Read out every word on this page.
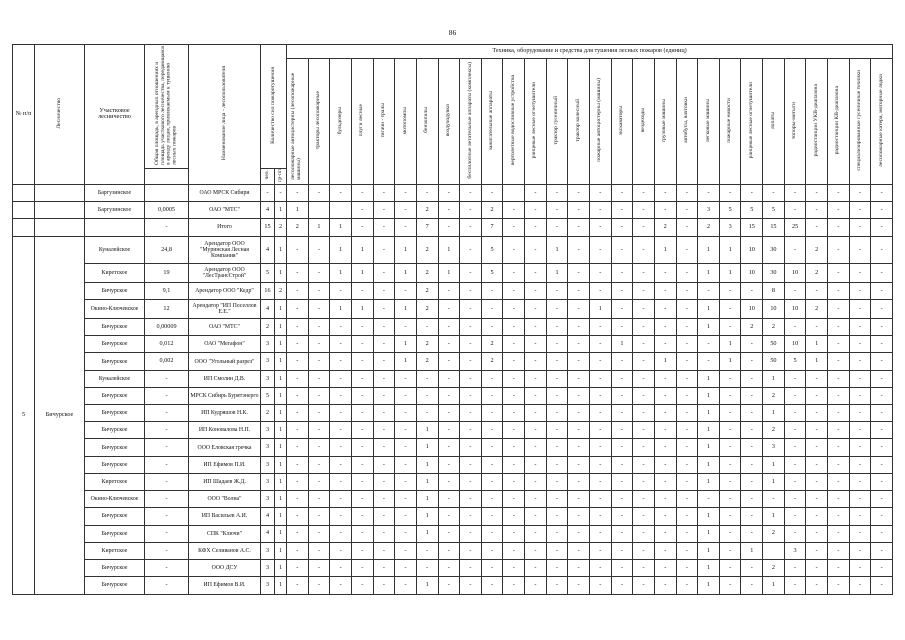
86
№ п/п	Лесничество	Участковое лесничество	Общая площадь, в арендных отношениях и площадь участкового лесничества, передающаяся в аренду лицам, привлекаемым к тушению лесных пожаров	Наименование лица - лесопользователя	Количество сил пожаротушения		Техника, оборудование и средства для тушения лесных пожаров (единиц)																											
							лесопожарные автоцистерны (лесопожарные машины)	тракторы лесопожарные	бульдозеры	плуги лесные	тягачи - тралы	мотопомпы	бензопилы	воздуходувки	беспилотные летательные аппараты (комплексы)	зажигательные аппараты	вертолетные водосливные устройства	ранцевые лесные огнетушители	трактор гусеничный	трактор колесный	пожарные автоцистерны (машины)	экскаваторы	вездеходы	грузовые машины	автобусы, вахтовки	легковые машины	пожарные емкости	ранцевые лесные огнетушители	лопаты	топоры-мотыги	радиостанции УКВ-диапазона	радиостанции КВ-диапазона	специализированные гусеничные техники	лесопожарные катера, моторные лодки
					чел.	гр-пп																												
		Баргузинское		ОАО МРСК Сибири	-	-	-	-	-	-	-	-	-	-	-	-		-	-	-	-	-	-	-	-	-	-	-	-	-	-	-	-	-
		Баргузинское	0,0005	ОАО "МТС"	4	1	1			-	-	-	2	-	-	2	-	-	-	-	-	-	-	-	-	3	5	5	5	-	-	-	-	-
			-	Итого	15	2	2	1	1	-	-	-	7	-	-	7	-	-	-	-	-	-	-	2	-	2	3	15	15	25	-	-	-	-
5	Бичурское	Куналейское	24,8	Арендатор ООО "Муринская Лесная Компания"	4	1	-	-	1	1	-	1	2	1	-	5	-	-	1	-	-	-	-	1	-	1	1	10	30	-	2	-	-	-
		Киретское	19	Арендатор ООО "ЛесТрансСтрой"	5	1	-	-	1	1	-	1	2	1	-	5	-	-	1	-	-	-	-	-	-	1	1	10	30	10	2	-	-	-
		Бичурское	9,1	Арендатор ООО "Кедр"	16	2	-	-	-	-	-	-	2	-	-	-	-	-	-	-	-	-	-	-	-	-	-	-	8	-	-	-	-	-
		Окино-Ключевское	12	Арендатор "ИП Поселлов Е.Е."	4	1	-	-	1	1	-	1	2	-	-	-	-	-	-	-	1	-	-	-	-	1	-	10	10	10	2	-	-	-
		Бичурское	0,00009	ОАО "МТС"	2	1	-	-	-	-	-	-	-	-	-	-	-	-	-	-	-	-	-	-	-	1	-	2	2	-	-	-	-	-
		Бичурское	0,012	ОАО "Мегафон"	3	1	-	-	-	-	-	1	2	-	-	2	-	-	-	-	-	1	-	-	-	-	1	-	50	10	1	-	-	-
		Бичурское	0,002	ООО "Угольный разрез"	3	1	-	-	-	-	-	1	2	-	-	2	-	-	-	-	-	-	-	1	-	-	1	-	50	5	1	-	-	-
		Куналейское	-	ИП Смолин Д.В.	3	1	-	-	-	-	-	-	-	-	-	-	-	-	-	-	-	-	-	-	-	1	-	-	1	-	-	-	-	-
		Бичурское	-	МРСК Сибирь Бурятэнерго	5	1	-	-	-	-	-	-	-	-	-	-	-	-	-	-	-	-	-	-	-	1	-	-	2	-	-	-	-	-
		Бичурское	-	ИП Кудряшов Н.К.	2	1	-	-	-	-	-	-	-	-	-	-	-	-	-	-	-	-	-	-	-	1	-	-	1	-	-	-	-	-
		Бичурское	-	ИП Коновалова Н.П.	3	1	-	-	-	-	-	-	1	-	-	-	-	-	-	-	-	-	-	-	-	1	-	-	2	-	-	-	-	-
		Бичурское	-	ООО Еловская гречка	3	1	-	-	-	-	-	-	1	-	-	-	-	-	-	-	-	-	-	-	-	1	-	-	3	-	-	-	-	-
		Бичурское	-	ИП Ефимов П.И.	3	1	-	-	-	-	-	-	1	-	-	-	-	-	-	-	-	-	-	-	-	1	-	-	1	-	-	-	-	-
		Киретское	-	ИП Шадаев Ж.Д.	3	1	-	-	-	-	-	-	1	-	-	-	-	-	-	-	-	-	-	-	-	1	-	-	1	-	-	-	-	-
		Окино-Ключевское	-	ООО "Волна"	3	1	-	-	-	-	-	-	1	-	-	-	-	-	-	-	-	-	-	-	-	-	-	-	-	-	-	-	-	-
		Бичурское	-	ИП Васильев А.И.	4	1	-	-	-	-	-	-	1	-	-	-	-	-	-	-	-	-	-	-	-	1	-	-	1	-	-	-	-	-
		Бичурское	-	СПК "Ключи"	4	1	-	-	-	-	-	-	1	-	-	-	-	-	-	-	-	-	-	-	-	1	-	-	2	-	-	-	-	-
		Киретское	-	КФХ Селиванов А.С.	3	1	-	-	-	-	-	-	-	-	-	-	-	-	-	-	-	-	-	-	-	1	-	1		3	-	-	-	-
		Бичурское	-	ООО ДСУ	3	1	-	-	-	-	-	-	-	-	-	-	-	-	-	-	-	-	-	-	-	1	-	-	2	-	-	-	-	-
		Бичурское	-	ИП Ефимов В.И.	3	1	-	-	-	-	-	-	1	-	-	-	-	-	-	-	-	-	-	-	-	1	-	-	1	-	-	-	-	-
